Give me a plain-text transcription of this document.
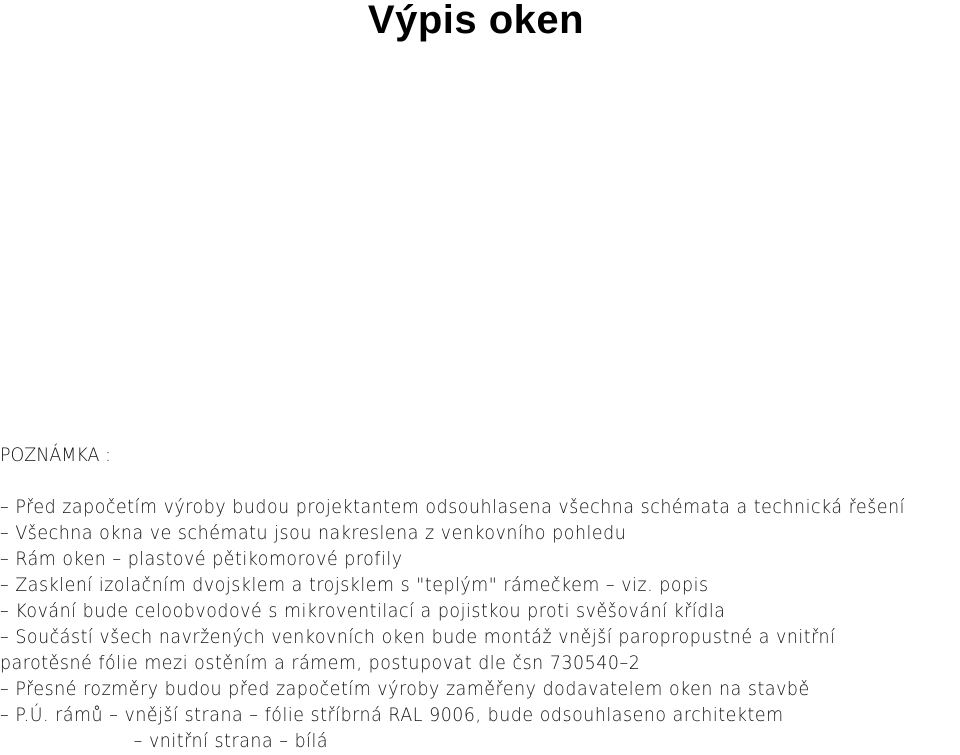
Výpis oken
POZNÁMKA :
– Před započetím výroby budou projektantem odsouhlasena všechna schémata a technická řešení
– Všechna okna ve schématu jsou nakreslena z venkovního pohledu
– Rám oken – plastové pětikomorové profily
– Zasklení izolačním dvojsklem a trojsklem s "teplým" rámečkem – viz. popis
– Kování bude celoobvodové s mikroventilací a pojistkou proti svěšování křídla
– Součástí všech navržených venkovních oken bude montáž vnější paropropustné a vnitřní
parotěsné fólie mezi ostěním a rámem, postupovat dle čsn 730540–2
– Přesné rozměry budou před započetím výroby zaměřeny dodavatelem oken na stavbě
– P.Ú. rámů – vnější strana – fólie stříbrná RAL 9006, bude odsouhlaseno architektem
– vnitřní strana – bílá
